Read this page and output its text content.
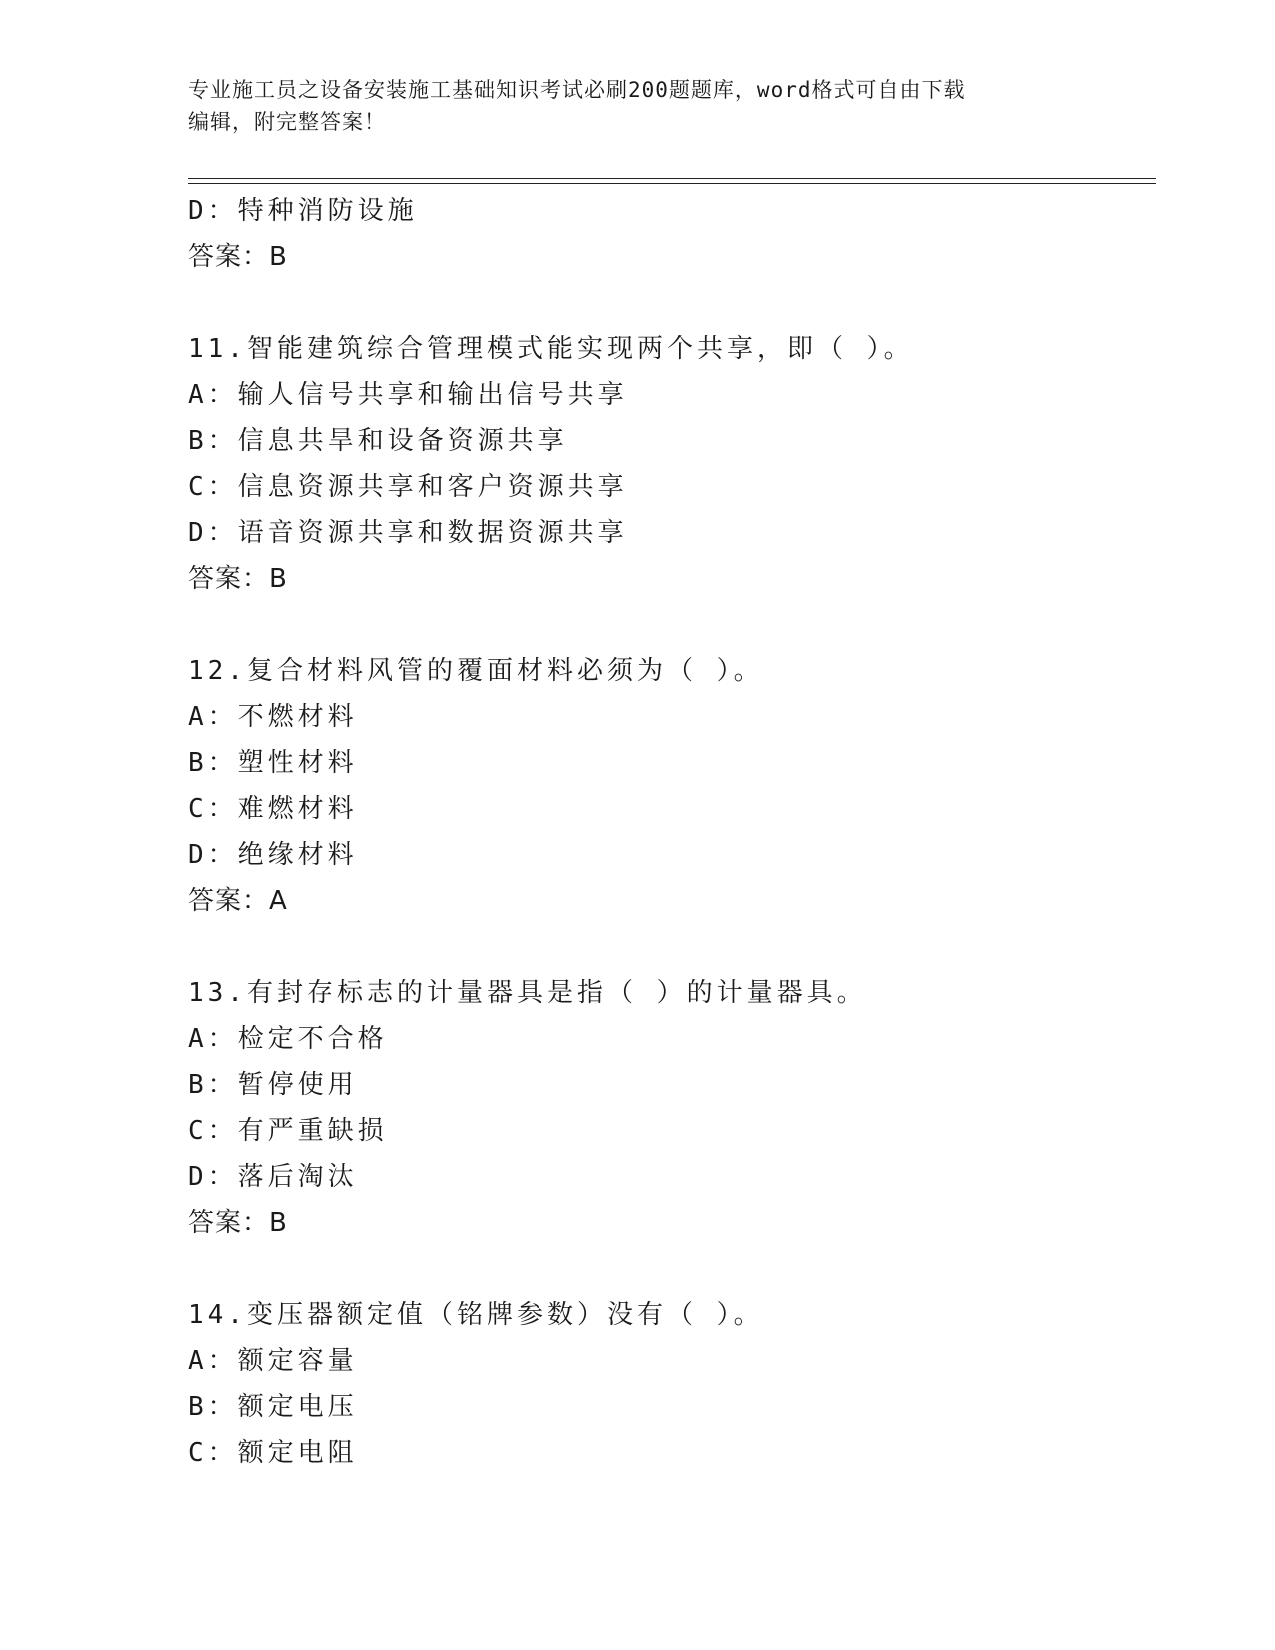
专业施工员之设备安装施工基础知识考试必刷200题题库，word格式可自由下载
编辑，附完整答案！
D：特种消防设施
答案：B
11.智能建筑综合管理模式能实现两个共享，即（ ）。
A：输人信号共享和输出信号共享
B：信息共旱和设备资源共享
C：信息资源共享和客户资源共享
D：语音资源共享和数据资源共享
答案：B
12.复合材料风管的覆面材料必须为（ ）。
A：不燃材料
B：塑性材料
C：难燃材料
D：绝缘材料
答案：A
13.有封存标志的计量器具是指（ ）的计量器具。
A：检定不合格
B：暂停使用
C：有严重缺损
D：落后淘汰
答案：B
14.变压器额定值（铭牌参数）没有（ ）。
A：额定容量
B：额定电压
C：额定电阻
